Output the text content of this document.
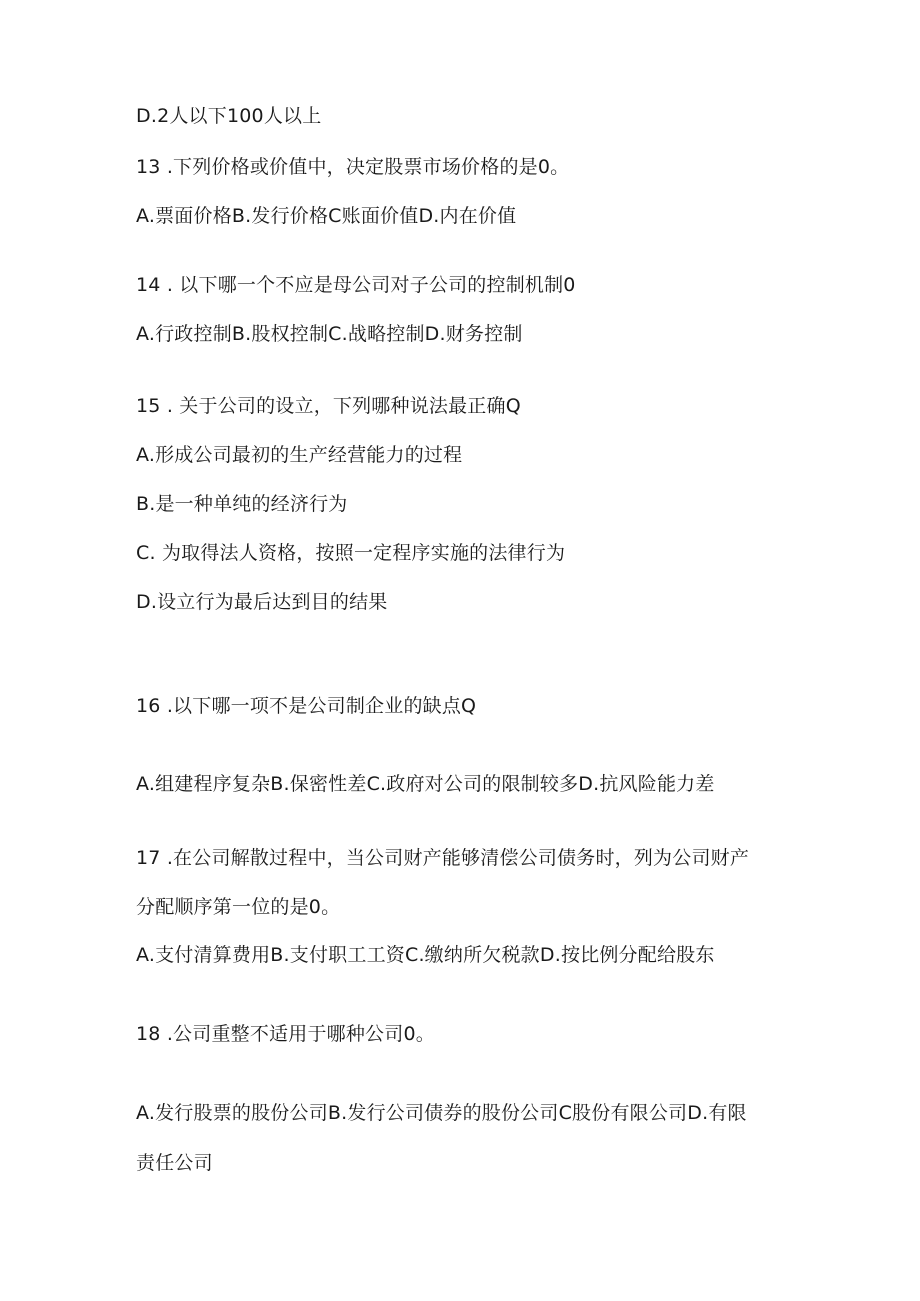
D.2人以下100人以上
13 .下列价格或价值中，决定股票市场价格的是0。
A.票面价格B.发行价格C账面价值D.内在价值
14 . 以下哪一个不应是母公司对子公司的控制机制0
A.行政控制B.股权控制C.战略控制D.财务控制
15 . 关于公司的设立，下列哪种说法最正确Q
A.形成公司最初的生产经营能力的过程
B.是一种单纯的经济行为
C. 为取得法人资格，按照一定程序实施的法律行为
D.设立行为最后达到目的结果
16 .以下哪一项不是公司制企业的缺点Q
A.组建程序复杂B.保密性差C.政府对公司的限制较多D.抗风险能力差
17 .在公司解散过程中，当公司财产能够清偿公司债务时，列为公司财产
分配顺序第一位的是0。
A.支付清算费用B.支付职工工资C.缴纳所欠税款D.按比例分配给股东
18 .公司重整不适用于哪种公司0。
A.发行股票的股份公司B.发行公司债券的股份公司C股份有限公司D.有限
责任公司
